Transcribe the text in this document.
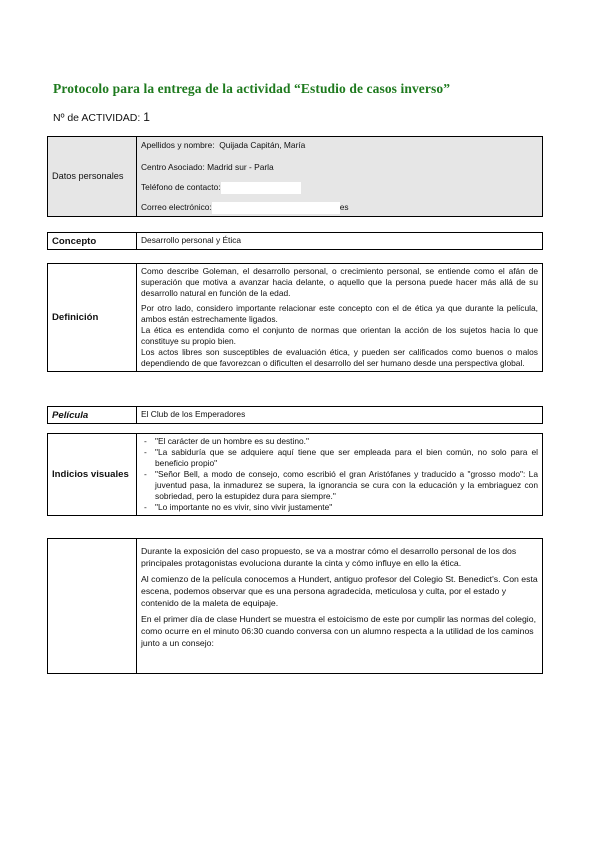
Protocolo para la entrega de la actividad “Estudio de casos inverso”
Nº de ACTIVIDAD: 1
Datos personales	

Apellidos y nombre: Quijada Capitán, María

Centro Asociado: Madrid sur - Parla

Teléfono de contacto:

Correo electrónico:	es

Concepto	Desarrollo personal y Ética
Definición	

Como describe Goleman, el desarrollo personal, o crecimiento personal, se entiende como el afán de superación que motiva a avanzar hacia delante, o aquello que la persona puede hacer más allá de su desarrollo natural en función de la edad.

Por otro lado, considero importante relacionar este concepto con el de ética ya que durante la película, ambos están estrechamente ligados.

La ética es entendida como el conjunto de normas que orientan la acción de los sujetos hacia lo que constituye su propio bien.

Los actos libres son susceptibles de evaluación ética, y pueden ser calificados como buenos o malos dependiendo de que favorezcan o dificulten el desarrollo del ser humano desde una perspectiva global.

Película	El Club de los Emperadores
Indicios visuales	
- "El carácter de un hombre es su destino."
- "La sabiduría que se adquiere aquí tiene que ser empleada para el bien común, no solo para el beneficio propio"
- "Señor Bell, a modo de consejo, como escribió el gran Aristófanes y traducido a "grosso modo": La juventud pasa, la inmadurez se supera, la ignorancia se cura con la educación y la embriaguez con sobriedad, pero la estupidez dura para siempre."
- "Lo importante no es vivir, sino vivir justamente"

Durante la exposición del caso propuesto, se va a mostrar cómo el desarrollo personal de los dos principales protagonistas evoluciona durante la cinta y cómo influye en ello la ética.

Al comienzo de la película conocemos a Hundert, antiguo profesor del Colegio St. Benedict's. Con esta escena, podemos observar que es una persona agradecida, meticulosa y culta, por el estado y contenido de la maleta de equipaje.

En el primer día de clase Hundert se muestra el estoicismo de este por cumplir las normas del colegio, como ocurre en el minuto 06:30 cuando conversa con un alumno respecta a la utilidad de los caminos junto a un consejo:
